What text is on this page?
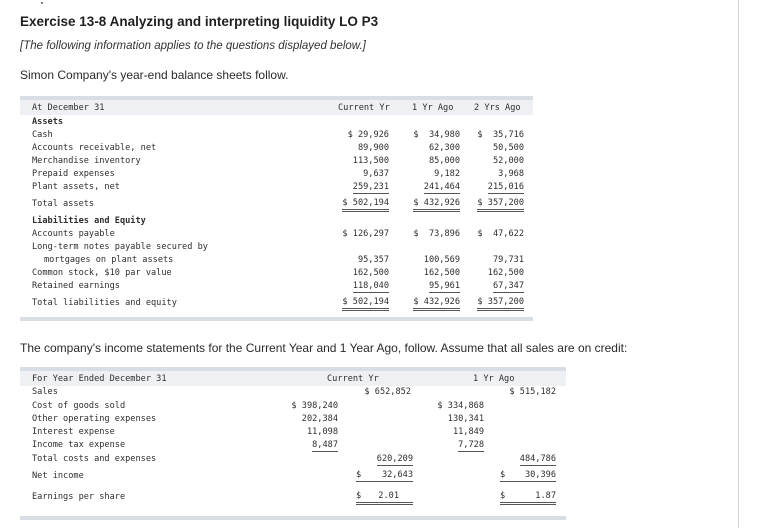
Exercise 13-8 Analyzing and interpreting liquidity LO P3
[The following information applies to the questions displayed below.]
Simon Company's year-end balance sheets follow.
At December 31	Current Yr	1 Yr Ago 2 Yrs Ago
Assets
Cash	$ 29,926	$  34,980	$  35,716
Accounts receivable, net	89,900	62,300	50,500
Merchandise inventory	113,500	85,000	52,000
Prepaid expenses	9,637	9,182	3,968
Plant assets, net	259,231	241,464	215,016
Total assets	$ 502,194	$ 432,926	$ 357,200
Liabilities and Equity
Accounts payable	$ 126,297	$  73,896	$  47,622
Long-term notes payable secured by
mortgages on plant assets	95,357	100,569	79,731
Common stock, $10 par value	162,500	162,500	162,500
Retained earnings	118,040	95,961	67,347
Total liabilities and equity	$ 502,194	$ 432,926	$ 357,200
The company's income statements for the Current Year and 1 Year Ago, follow. Assume that all sales are on credit:
For Year Ended December 31	Current Yr	1 Yr Ago
Sales	$ 652,852	$ 515,182
Cost of goods sold	$ 398,240	$ 334,868
Other operating expenses	202,384	130,341
Interest expense	11,098	11,849
Income tax expense	8,487	7,728
Total costs and expenses	620,209	484,786
Net income	$ 32,643	$ 30,396
Earnings per share	$ 2.01	$	1.87
